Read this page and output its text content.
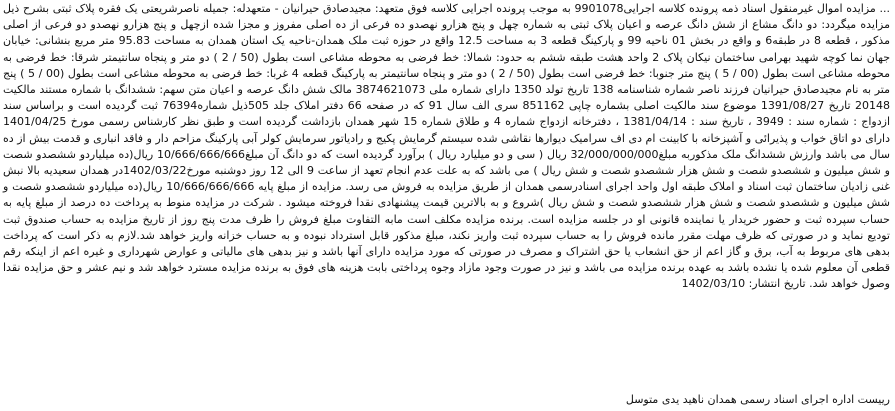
... مزایده اموال غیرمنقول اسناد ذمه پرونده کلاسه اجرایی9901078 به موجب پرونده اجرایی کلاسه فوق متعهد: مجیدصادق حیرانیان - متعهدله: جمیله ناصرشریعتی یک فقره پلاک ثبتی بشرح ذیل مزایده میگردد: دو دانگ مشاع از شش دانگ عرصه و اعیان پلاک ثبتی به شماره چهل و پنج هزارو نهصدو ده فرعی از ده اصلی مفروز و مجزا شده ازچهل و پنج هزارو نهصدو دو فرعی از اصلی مذکور ، قطعه 8 در طبقه6 و واقع در بخش 01 ناحیه 99 و پارکینگ قطعه 3 به مساحت 12.5 واقع در حوزه ثبت ملک همدان-ناحیه یک استان همدان به مساحت 95.83 متر مربع بنشانی: خیابان جهان نما کوچه شهید بهرامی ساختمان نیکان پلاک 2 واحد هشت طبقه ششم به حدود: شمالا: خط فرضی به محوطه مشاعی است بطول (50 / 2 ) دو متر و پنجاه سانتیمتر شرقا: خط فرضی به محوطه مشاعی است بطول (00 / 5 ) پنج متر جنوبا: خط فرضی است بطول (50 / 2 ) دو متر و پنجاه سانتیمتر به پارکینگ قطعه 4 غربا: خط فرضی به محوطه مشاعی است بطول (00 / 5 ) پنج متر به نام مجیدصادق حیرانیان فرزند ناصر شماره شناسنامه 138 تاریخ تولد 1350 دارای شماره ملی 3874621073 مالک شش دانگ عرصه و اعیان متن سهم: ششدانگ با شماره مستند مالکیت 20148 تاریخ 1391/08/27 موضوع سند مالکیت اصلی بشماره چاپی 851162 سری الف سال 91 که در صفحه 66 دفتر املاک جلد 505ذیل شماره76394 ثبت گردیده است و براساس سند ازدواج : شماره سند : 3949 ، تاریخ سند : 1381/04/14 ، دفترخانه ازدواج شماره 4 و طلاق شماره 15 شهر همدان بازداشت گردیده است و طبق نظر کارشناس رسمی مورخ 1401/04/25 دارای دو اتاق خواب و پذیرائی و آشپزخانه با کابینت ام دی اف سرامیک دیوارها نقاشی شده سیستم گرمایش پکیج و رادیاتور سرمایش کولر آبی پارکینگ مزاحم دار و فاقد انباری و قدمت بیش از ده سال می باشد وارزش ششدانگ ملک مذکوربه مبلغ32/000/000/000 ریال ( سی و دو میلیارد ریال ) برآورد گردیده است که دو دانگ آن مبلغ10/666/666/666 ریال(ده میلیاردو ششصدو شصت و شش میلیون و ششصدو شصت و شش هزار ششصدو شصت و شش ریال ) می باشد که به علت عدم انجام تعهد از ساعت 9 الی 12 روز دوشنبه مورخ1402/03/22در همدان سعیدیه بالا نبش غنی زادیان ساختمان ثبت اسناد و املاک طبقه اول واحد اجرای اسنادرسمی همدان از طریق مزایده به فروش می رسد. مزایده از مبلغ پایه 10/666/666/666 ریال(ده میلیاردو ششصدو شصت و شش میلیون و ششصدو شصت و شش هزار ششصدو شصت و شش ریال )شروع و به بالاترین قیمت پیشنهادی نقدا فروخته میشود . شرکت در مزایده منوط به پرداخت ده درصد از مبلغ پایه به حساب سپرده ثبت و حضور خریدار یا نماینده قانونی او در جلسه مزایده است. برنده مزایده مکلف است مابه التفاوت مبلغ فروش را ظرف مدت پنج روز از تاریخ مزایده به حساب صندوق ثبت تودیع نماید و در صورتی که ظرف مهلت مقرر مانده فروش را به حساب سپرده ثبت واریز نکند، مبلغ مذکور قابل استرداد نبوده و به حساب خزانه واریز خواهد شد.لازم به ذکر است که پرداخت بدهی های مربوط به آب، برق و گاز اعم از حق انشعاب یا حق اشتراک و مصرف در صورتی که مورد مزایده دارای آنها باشد و نیز بدهی های مالیاتی و عوارض شهرداری و غیره اعم از اینکه رقم قطعی آن معلوم شده یا نشده باشد به عهده برنده مزایده می باشد و نیز در صورت وجود مازاد وجوه پرداختی بابت هزینه های فوق به برنده مزایده مسترد خواهد شد و نیم عشر و حق مزایده نقدا وصول خواهد شد. تاریخ انتشار: 1402/03/10

رییست اداره اجرای اسناد رسمی همدان ناهید یدی متوسل
